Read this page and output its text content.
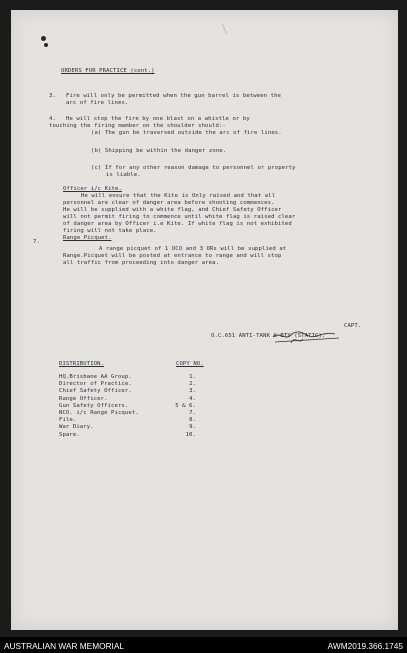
ORDERS FOR PRACTICE (cont.)
3. Fire will only be permitted when the gun barrel is between the
arc of fire lines.
4. He will stop the fire by one blast on a whistle or by
touching the firing member on the shoulder should:-
(a) The gun be traversed outside the arc of fire lines.
(b) Shipping be within the danger zone.
(c) If for any other reason damage to personnel or property
is liable.
Officer i/c Kite.
He will ensure that the Kite is Only raised and that all
personnel are clear of danger area before shooting commences.
He will be supplied with a white flag, and Chief Safety Officer
will not permit firing to commence until white flag is raised clear
of danger area by Officer i.e Kite. If white flag is not exhibited
firing will not take place.
7.
Range Picquet.
A range picquet of 1 OCO and 3 ORs will be supplied at
Range.Picquet will be posted at entrance to range and will stop
all traffic from proceeding into danger area.
CAPT.
O.C.651 ANTI-TANK & BTY (STATIC).
DISTRIBUTION.	COPY NO.
HQ.Brisbane AA Group.	1.
Director of Practice.	2.
Chief Safety Officer.	3.
Range Officer.	4.
Gun Safety Officers.	5 & 6.
NCO. i/c Range Picquet.	7.
File.	8.
War Diary.	9.
Spare.	10.
AUSTRALIAN WAR MEMORIAL	AWM2019.366.1745
